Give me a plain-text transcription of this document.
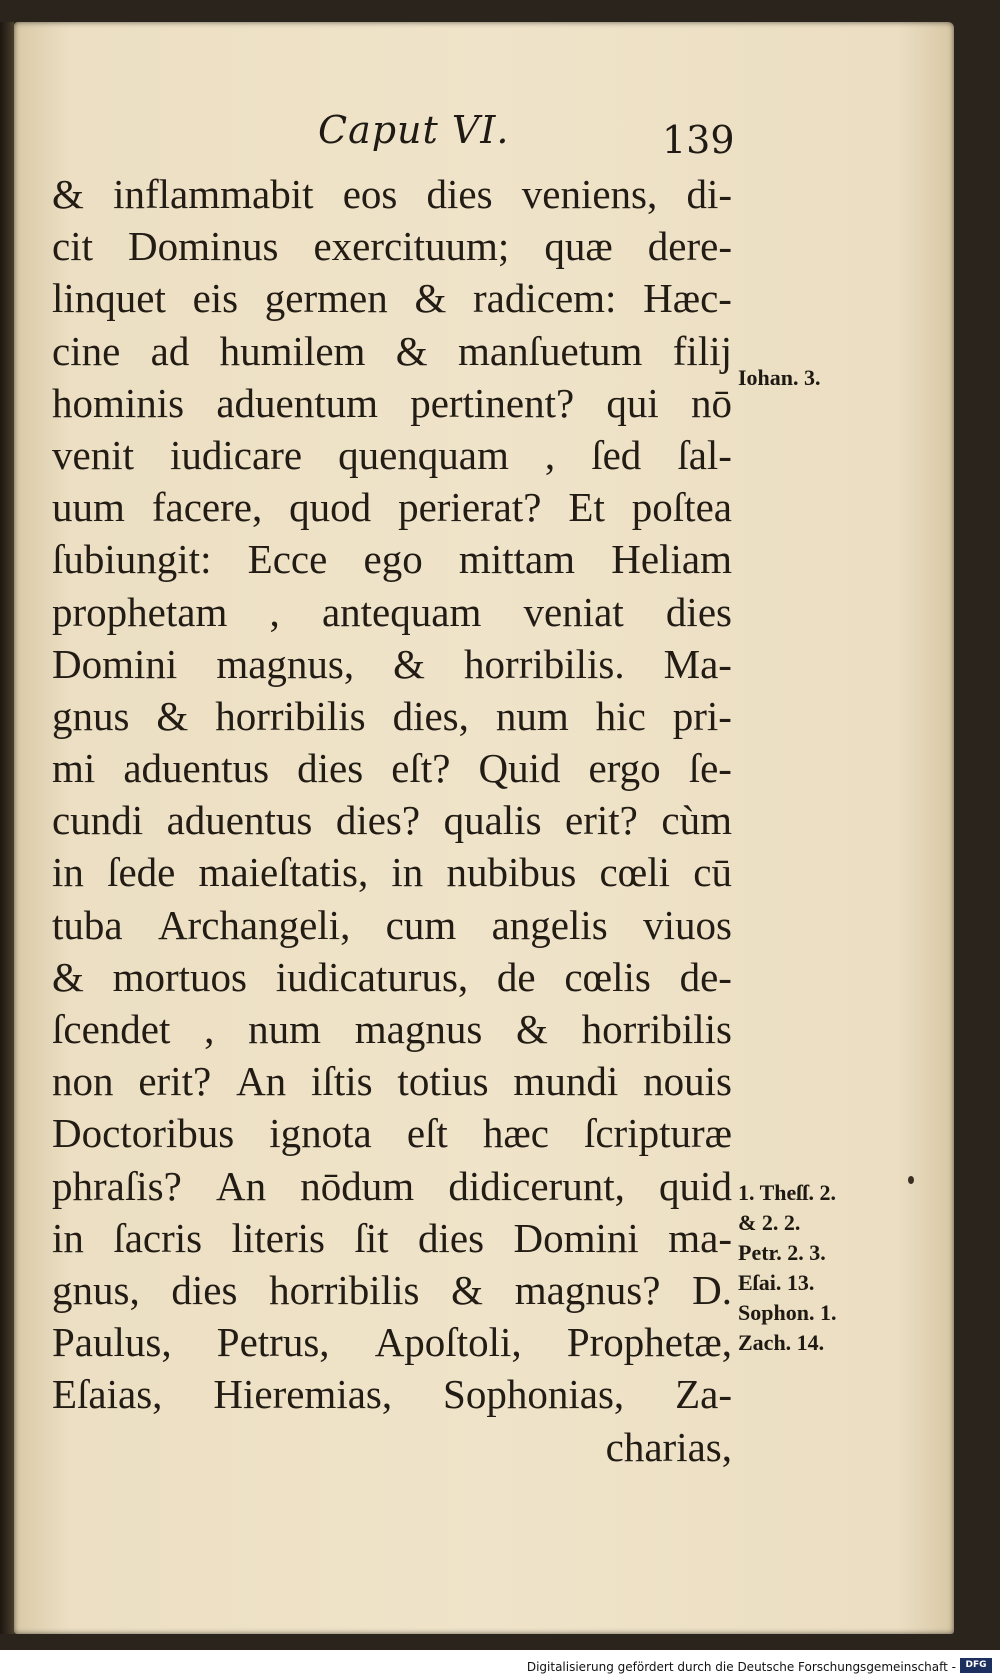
Caput VI.	139
& inflammabit eos dies veniens, di-
cit Dominus exercituum; quæ dere-
linquet eis germen & radicem: Hæc-
cine ad humilem & manſuetum filij
hominis aduentum pertinent? qui nō
venit iudicare quenquam , ſed ſal-
uum facere, quod perierat? Et poſtea
ſubiungit: Ecce ego mittam Heliam
prophetam , antequam veniat dies
Domini magnus, & horribilis. Ma-
gnus & horribilis dies, num hic pri-
mi aduentus dies eſt? Quid ergo ſe-
cundi aduentus dies? qualis erit? cùm
in ſede maieſtatis, in nubibus cœli cū
tuba Archangeli, cum angelis viuos
& mortuos iudicaturus, de cœlis de-
ſcendet , num magnus & horribilis
non erit? An iſtis totius mundi nouis
Doctoribus ignota eſt hæc ſcripturæ
phraſis? An nōdum didicerunt, quid
in ſacris literis ſit dies Domini ma-
gnus, dies horribilis & magnus? D.
Paulus, Petrus, Apoſtoli, Prophetæ,
Eſaias, Hieremias, Sophonias, Za-
charias,
Iohan. 3.
1. Theſſ. 2.
& 2. 2.
Petr. 2. 3.
Eſai. 13.
Sophon. 1.
Zach. 14.
Digitalisierung gefördert durch die Deutsche Forschungsgemeinschaft -	DFG
